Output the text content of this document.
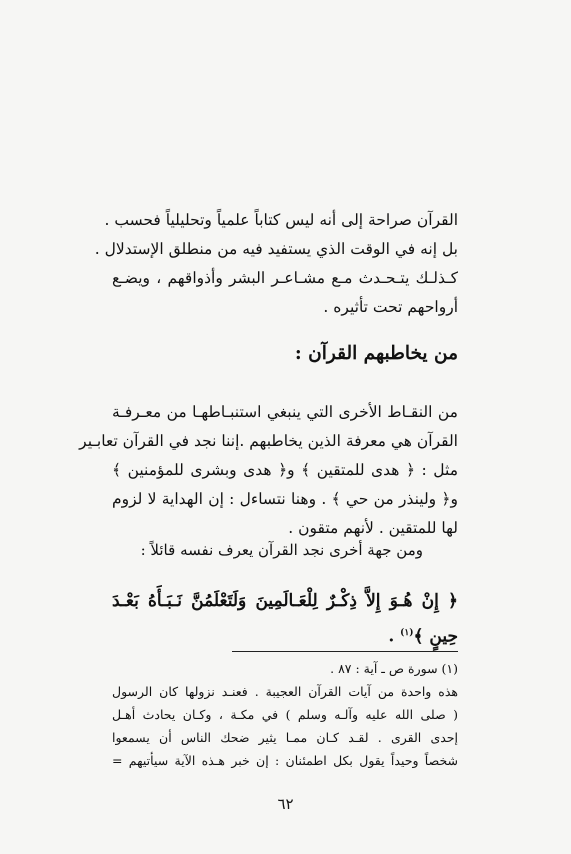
القرآن صراحة إلى أنه ليس كتاباً علمياً وتحليلياً فحسب .
بل إنه في الوقت الذي يستفيد فيه من منطلق الإستدلال .
كـذلـك يتـحـدث مـع مشـاعـر البشر وأذواقهم ، ويضـع
أرواحهم تحت تأثيره .
من يخاطبهم القرآن :
من النقـاط الأخرى التي ينبغي استنبـاطهـا من معـرفـة
القرآن هي معرفة الذين يخاطبهم .إننا نجد في القرآن تعابـير
مثل : ﴿ هدى للمتقين ﴾ و﴿ هدى وبشرى للمؤمنين ﴾
و﴿ ولينذر من حي ﴾ . وهنا نتساءل : إن الهداية لا لزوم
لها للمتقين . لأنهم متقون .
ومن جهة أخرى نجد القرآن يعرف نفسه قائلاً :
﴿ إِنْ هُـوَ إِلاَّ ذِكْـرٌ لِلْعَـالَمِينَ وَلَتَعْلَمُنَّ نَـبَـأَهُ بَعْـدَ
حِينٍ ﴾$^{(١)}$ .
(١) سورة ص ـ آية : ٨٧ .
هذه واحدة من آيات القرآن العجيبة . فعنـد نزولها كان الرسول
( صلى الله عليه وآلـه وسلم ) في مكـة ، وكـان يحادث أهـل
إحدى القرى . لقـد كـان ممـا يثير ضحك الناس أن يسمعوا
شخصاً وحيداً يقول بكل اطمئنان : إن خبر هـذه الآية سيأتيهم =
٦٢
